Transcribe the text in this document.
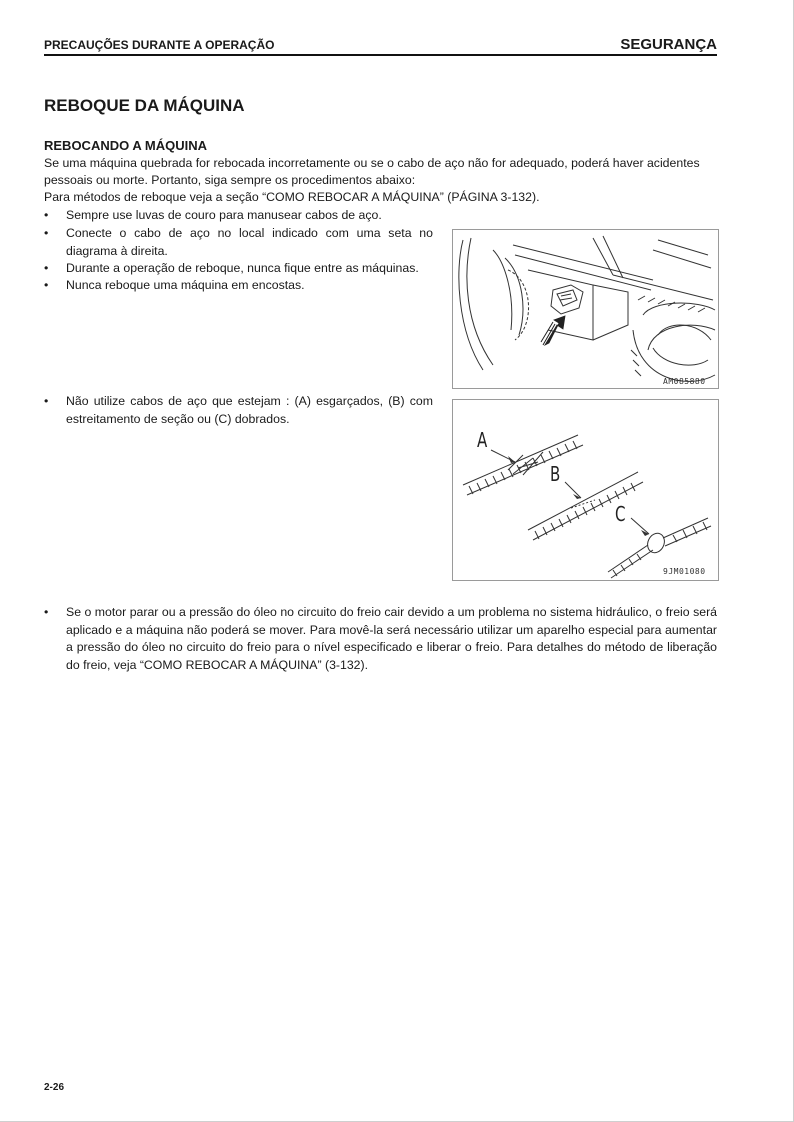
PRECAUÇÕES DURANTE A OPERAÇÃO	SEGURANÇA
REBOQUE DA MÁQUINA
REBOCANDO A MÁQUINA
Se uma máquina quebrada for rebocada incorretamente ou se o cabo de aço não for adequado, poderá haver acidentes
pessoais ou morte. Portanto, siga sempre os procedimentos abaixo:
Para métodos de reboque veja a seção “COMO REBOCAR A MÁQUINA” (PÁGINA 3-132).
•	Sempre use luvas de couro para manusear cabos de aço.
•	Conecte o cabo de aço no local indicado com uma seta no diagrama à direita.
•	Durante a operação de reboque, nunca fique entre as máquinas.
•	Nunca reboque uma máquina em encostas.
AM085880
•	Não utilize cabos de aço que estejam : (A) esgarçados, (B) com estreitamento de seção ou (C) dobrados.
A
B
C
9JM01080
•	Se o motor parar ou a pressão do óleo no circuito do freio cair devido a um problema no sistema hidráulico, o freio será aplicado e a máquina não poderá se mover. Para movê-la será necessário utilizar um aparelho especial para aumentar a pressão do óleo no circuito do freio para o nível especificado e liberar o freio. Para detalhes do método de liberação do freio, veja “COMO REBOCAR A MÁQUINA” (3-132).
2-26
